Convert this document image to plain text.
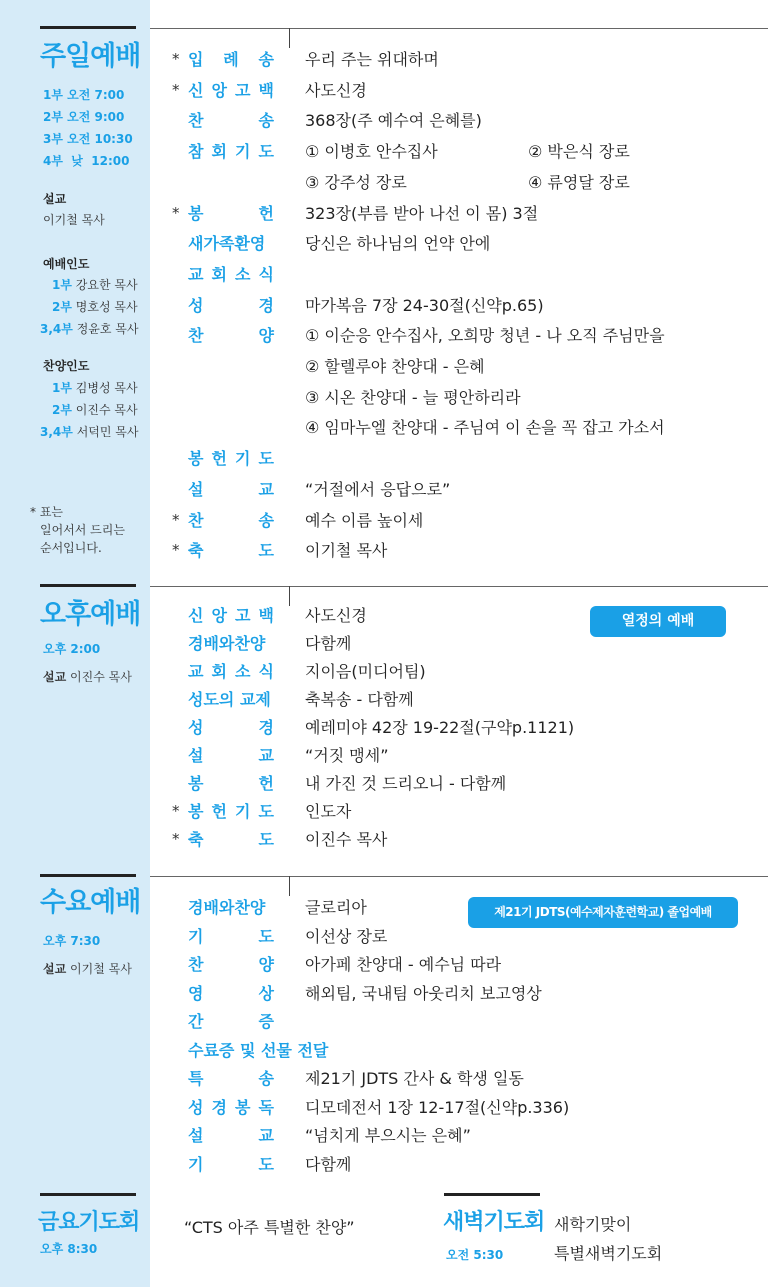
주일예배
1부 오전 7:00
2부 오전 9:00
3부 오전 10:30
4부  낮  12:00
설교
이기철 목사
예배인도
1부 강요한 목사
2부 명호성 목사
3,4부 정윤호 목사
찬양인도
1부 김병성 목사
2부 이진수 목사
3,4부 서덕민 목사
* 표는
일어서서 드리는
순서입니다.
* 입 례 송 우리 주는 위대하며
* 신 앙 고 백 사도신경
찬	송 368장(주 예수여 은혜를)
참 회 기 도 ① 이병호 안수집사	② 박은식 장로
③ 강주성 장로	④ 류영달 장로
* 봉	헌 323장(부름 받아 나선 이 몸) 3절
새가족환영	당신은 하나님의 언약 안에
교 회 소 식
성	경 마가복음 7장 24-30절(신약p.65)
찬	양 ① 이순응 안수집사, 오희망 청년 - 나 오직 주님만을
② 할렐루야 찬양대 - 은혜
③ 시온 찬양대 - 늘 평안하리라
④ 임마누엘 찬양대 - 주님여 이 손을 꼭 잡고 가소서
봉 헌 기 도
설	교 “거절에서 응답으로”
* 찬	송 예수 이름 높이세
* 축	도 이기철 목사
오후예배
오후 2:00
설교 이진수 목사
열정의 예배
신 앙 고 백 사도신경
경배와찬양	다함께
교 회 소 식 지이음(미디어팀)
성도의 교제 축복송 - 다함께
성	경 예레미야 42장 19-22절(구약p.1121)
설	교 “거짓 맹세”
봉	헌 내 가진 것 드리오니 - 다함께
* 봉 헌 기 도 인도자
* 축	도 이진수 목사
수요예배
오후 7:30
설교 이기철 목사
제21기 JDTS(예수제자훈련학교) 졸업예배
경배와찬양	글로리아
기	도 이선상 장로
찬	양 아가페 찬양대 - 예수님 따라
영	상 해외팀, 국내팀 아웃리치 보고영상
간	증
수료증 및 선물 전달
특	송 제21기 JDTS 간사 & 학생 일동
성 경 봉 독 디모데전서 1장 12-17절(신약p.336)
설	교 “넘치게 부으시는 은혜”
기	도 다함께
금요기도회
오후 8:30
“CTS 아주 특별한 찬양”	새벽기도회
오전 5:30
새학기맞이
특별새벽기도회
